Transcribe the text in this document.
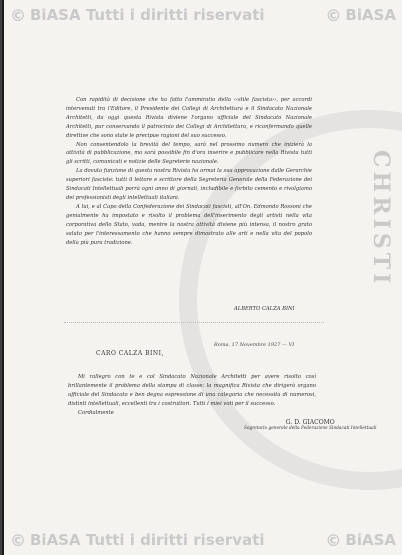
© BiASA Tutti i diritti riservati	© BiASA
CHRISTI

Con rapidità di decisione che ha fatto l'ammiratio della ‹‹stile fascista››, per accordi intervenuti tra l'Editore, il Presidente dei Collegi di Architettura e il Sindacato Nazionale Architetti, da oggi questa Rivista diviene l'organo ufficiale del Sindacato Nazionale Architetti, pur conservando il patrocinio dei Collegi di Architettura, e riconfermando quelle direttive che sono state le precipue ragioni del suo successo.

Non consentendolo la brevità del tempo, sarà nel prossimo numero che inizierà la attività di pubblicazione, ma sarà possibile fin d'ora inserire e pubblicare nella Rivista tutti gli scritti, comunicati e notizie delle Segreterie nazionale.

La dovuta funzione di questa nostra Rivista ha ormai la sua approvazione dalle Gerarchie superiori fasciste: tutti il lettore e scrittore della Segreteria Generale della Federazione dei Sindacati Intellettuali porrà ogni anno di giornali, includibile e forbito cemento e rivolgiamo dei professionisti degli intellettuali italiani.

A lui, e al Capo della Confederazione dei Sindacati fascisti, all'On. Edmondo Rossoni che genialmente ha impostato e risolto il problema dell'inserimento degli artisti nella vita corporativa dello Stato, vada, mentre la nostra attività diviene più intensa, il nostro grato saluto per l'interessamento che hanno sempre dimostrato alle arti e nella vita del popolo della più pura tradizione.

ALBERTO CALZA BINI
Roma, 17 Novembre 1927 — VI
CARO CALZA BINI,

Mi rallegro con te e col Sindacato Nazionale Architetti per avere risolto così brillantemente il problema della stampa di classe: la magnifica Rivista che dirigerà organo ufficiale del Sindacato e ben degna espressione di una categoria che necessita di numerosi, distinti intellettuali, eccellenti tra i costruttori. Tutti i miei voti per il successo.

Cordialmente

G. D. GIACOMO
Segretario generale della Federazione Sindacati Intellettuali
© BiASA Tutti i diritti riservati	© BiASA
